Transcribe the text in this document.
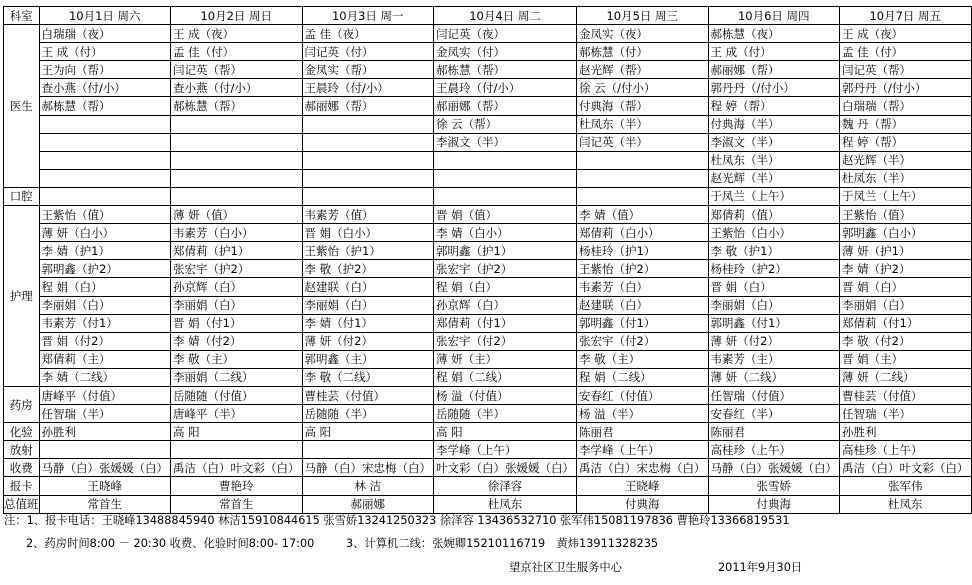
科室	10月1日 周六	10月2日 周日	10月3日 周一	10月4日 周二	10月5日 周三	10月6日 周四	10月7日 周五
医生	白瑞瑞（夜）	王 成（夜）	孟 佳（夜）	闫记英（夜）	金凤实（夜）	郝栋慧（夜）	王 成（夜）
	王 成（付）	孟 佳（付）	闫记英（付）	金凤实（付）	郝栋慧（付）	王 成（付）	孟 佳（付）
	王为向（帮）	闫记英（帮）	金凤实（帮）	郝栋慧（帮）	赵光辉（帮）	郝丽娜（帮）	闫记英（帮）
	查小燕（付/小）	查小燕（付/小）	王晨玲（付/小）	王晨玲（付/小）	徐 云（/付小）	郭丹丹（/付小）	郭丹丹（/付小）
	郝栋慧（帮）	郝栋慧（帮）	郝丽娜（帮）	郝丽娜（帮）	付典海（帮）	程 婷（帮）	白瑞瑞（帮）
				徐 云（帮）	杜凤东（半）	付典海（半）	魏 丹（帮）
				李淑文（半）	闫记英（半）	李淑文（半）	程 婷（帮）
						杜凤东（半）	赵光辉（半）
						赵光辉（半）	杜凤东（半）
口腔						于凤兰（上午）	于凤兰（上午）
护理	王紫怡（值）	薄 妍（值）	韦素芳（值）	晋 娟（值）	李 婧（值）	郑倩莉（值）	王紫怡（值）
	薄 妍（白小）	韦素芳（白小）	晋 娟（白小）	李 婧（白小）	郑倩莉（白小）	王紫怡（白小）	郭明鑫（白小）
	李 婧（护1）	郑倩莉（护1）	王紫怡（护1）	郭明鑫（护1）	杨桂玲（护1）	李 敬（护1）	薄 妍（护1）
	郭明鑫（护2）	张宏宇（护2）	李 敬（护2）	张宏宇（护2）	王紫怡（护2）	杨桂玲（护2）	李 婧（护2）
	程 娟（白）	孙京辉（白）	赵建联（白）	程 娟（白）	韦素芳（白）	晋 娟（白）	晋 娟（白）
	李丽娟（白）	李丽娟（白）	李丽娟（白）	孙京辉（白）	赵建联（白）	李丽娟（白）	李丽娟（白）
	韦素芳（付1）	晋 娟（付1）	李 婧（付1）	郑倩莉（付1）	郭明鑫（付1）	郭明鑫（付1）	郑倩莉（付1）
	晋 娟（付2）	李 婧（付2）	薄 妍（付2）	张宏宇（付2）	张宏宇（付2）	薄 妍（付2）	李 敬（付2）
	郑倩莉（主）	李 敬（主）	郭明鑫（主）	薄 妍（主）	李 敬（主）	韦素芳（主）	晋 娟（主）
	李 婧（二线）	李丽娟（二线）	李 敬（二线）	程 娟（二线）	程 娟（二线）	薄 妍（二线）	薄 妍（二线）
药房	唐峰平（付值）	岳随随（付值）	曹桂芸（付值）	杨 溢（付值）	安春红（付值）	任智瑞（付值）	曹桂芸（付值）
	任智瑞（半）	唐峰平（半）	岳随随（半）	岳随随（半）	杨 溢（半）	安春红（半）	任智瑞（半）
化验	孙胜利	高 阳	高 阳	高 阳	陈丽君	陈丽君	孙胜利
放射				李学峰（上午）	李学峰（上午）	高桂珍（上午）	高桂珍（上午）
收费	马静（白）张媛媛（白）	禹洁（白）叶文彩（白）	马静（白）宋忠梅（白）	叶文彩（白）张媛媛（白）	禹洁（白）宋忠梅（白）	马静（白）张媛媛（白）	禹洁（白）叶文彩（白）
报卡	王晓峰	曹艳玲	林 洁	徐泽容	王晓峰	张雪娇	张军伟
总值班	常首生	常首生	郝丽娜	杜凤东	付典海	付典海	杜凤东
注：1、报卡电话：王晓峰13488845940 林洁15910844615 张雪娇13241250323 徐泽容 13436532710 张军伟15081197836 曹艳玲13366819531
2、药房时间8:00 － 20:30 收费、化验时间8:00- 17:00	3、计算机二线：张婉卿15210116719　黄炜13911328235
望京社区卫生服务中心	2011年9月30日
